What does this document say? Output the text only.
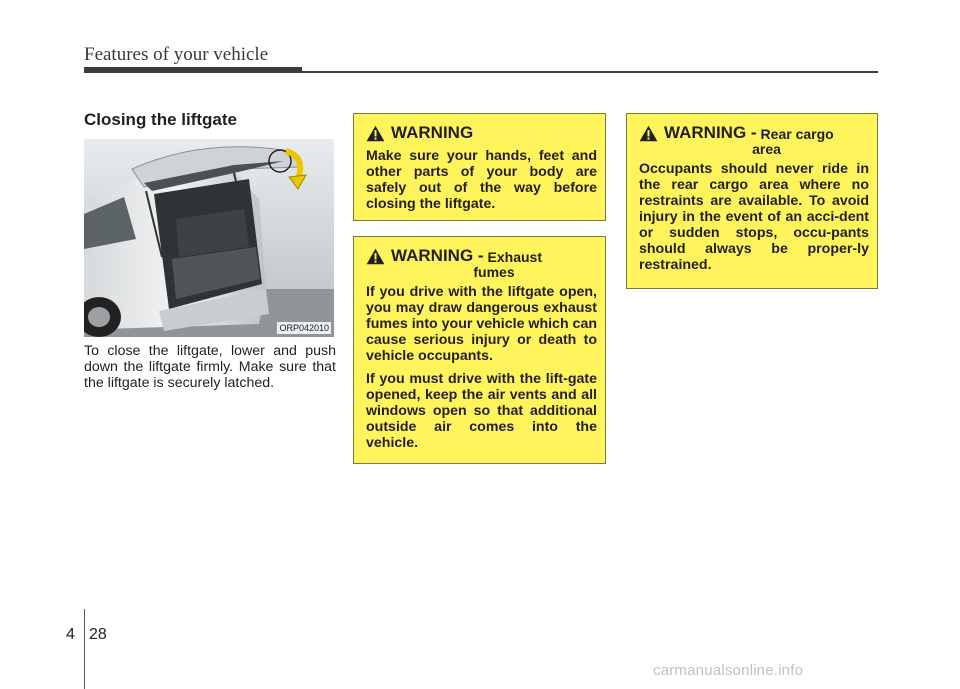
Features of your vehicle
Closing the liftgate
ORP042010
To close the liftgate, lower and push down the liftgate firmly. Make sure that the liftgate is securely latched.
WARNING
Make sure your hands, feet and other parts of your body are safely out of the way before closing the liftgate.
WARNING - Exhaust
fumes
If you drive with the liftgate open, you may draw dangerous exhaust fumes into your vehicle which can cause serious injury or death to vehicle occupants.
If you must drive with the lift-gate opened, keep the air vents and all windows open so that additional outside air comes into the vehicle.
WARNING - Rear cargo
area
Occupants should never ride in the rear cargo area where no restraints are available. To avoid injury in the event of an acci-dent or sudden stops, occu-pants should always be proper-ly restrained.
4 28
carmanualsonline.info
